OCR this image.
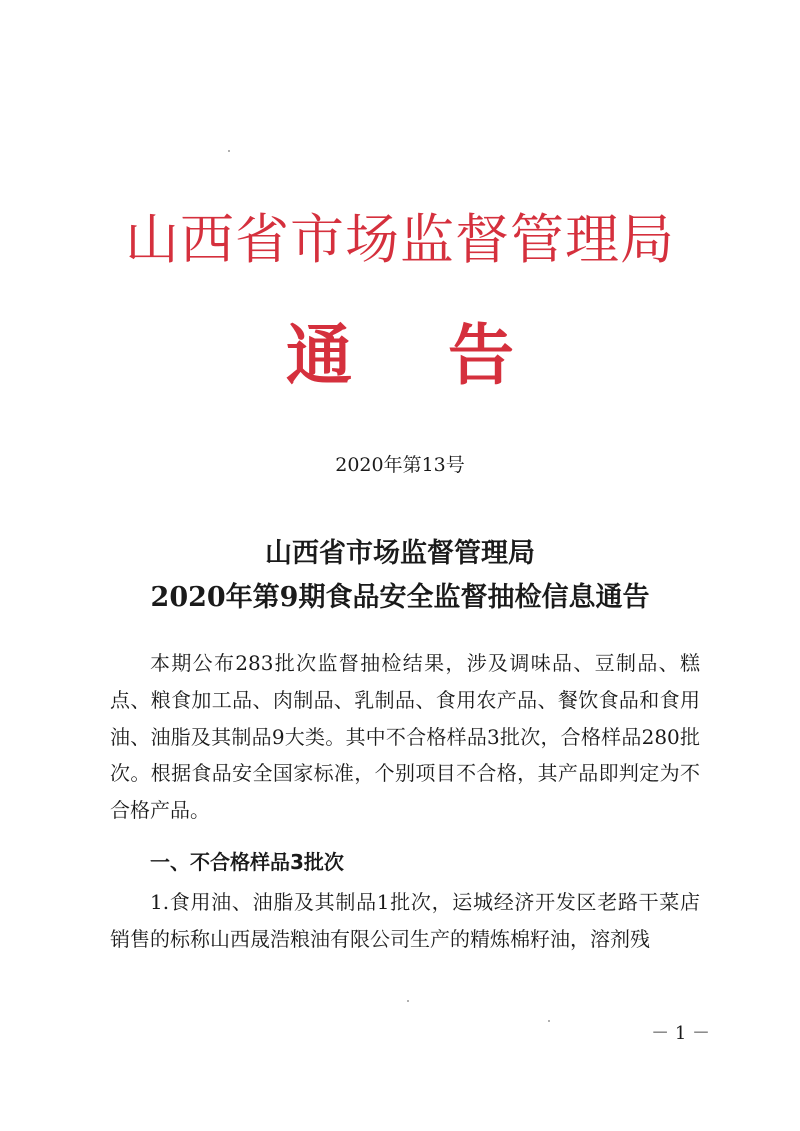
山西省市场监督管理局
通 告
2020年第13号
山西省市场监督管理局
2020年第9期食品安全监督抽检信息通告
本期公布283批次监督抽检结果，涉及调味品、豆制品、糕点、粮食加工品、肉制品、乳制品、食用农产品、餐饮食品和食用油、油脂及其制品9大类。其中不合格样品3批次，合格样品280批次。根据食品安全国家标准，个别项目不合格，其产品即判定为不合格产品。
一、不合格样品3批次
1.食用油、油脂及其制品1批次，运城经济开发区老路干菜店销售的标称山西晟浩粮油有限公司生产的精炼棉籽油，溶剂残
－ 1 －
